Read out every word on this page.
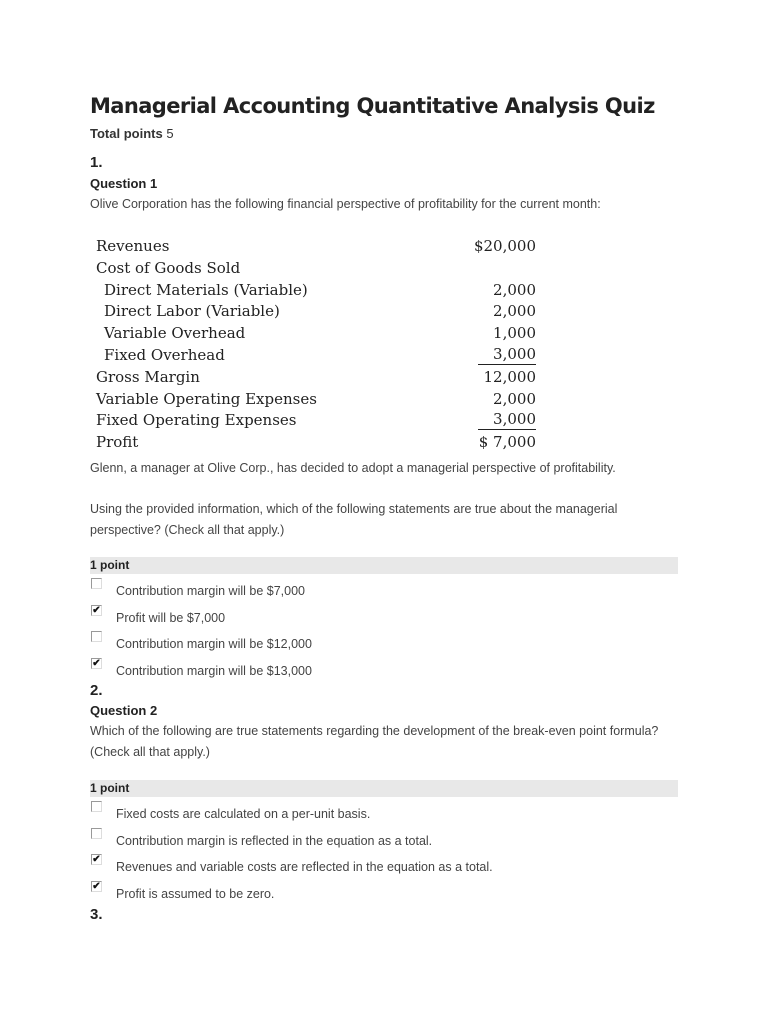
Managerial Accounting Quantitative Analysis Quiz
Total points 5
1.
Question 1
Olive Corporation has the following financial perspective of profitability for the current month:
Revenues	$20,000
Cost of Goods Sold
Direct Materials (Variable)	2,000
Direct Labor (Variable)	2,000
Variable Overhead	1,000
Fixed Overhead	3,000
Gross Margin	12,000
Variable Operating Expenses	2,000
Fixed Operating Expenses	3,000
Profit	$ 7,000
Glenn, a manager at Olive Corp., has decided to adopt a managerial perspective of profitability.
Using the provided information, which of the following statements are true about the managerial perspective? (Check all that apply.)
1 point
Contribution margin will be $7,000
✔
Profit will be $7,000
Contribution margin will be $12,000
✔
Contribution margin will be $13,000
2.
Question 2
Which of the following are true statements regarding the development of the break-even point formula? (Check all that apply.)
1 point
Fixed costs are calculated on a per-unit basis.
Contribution margin is reflected in the equation as a total.
✔
Revenues and variable costs are reflected in the equation as a total.
✔
Profit is assumed to be zero.
3.
